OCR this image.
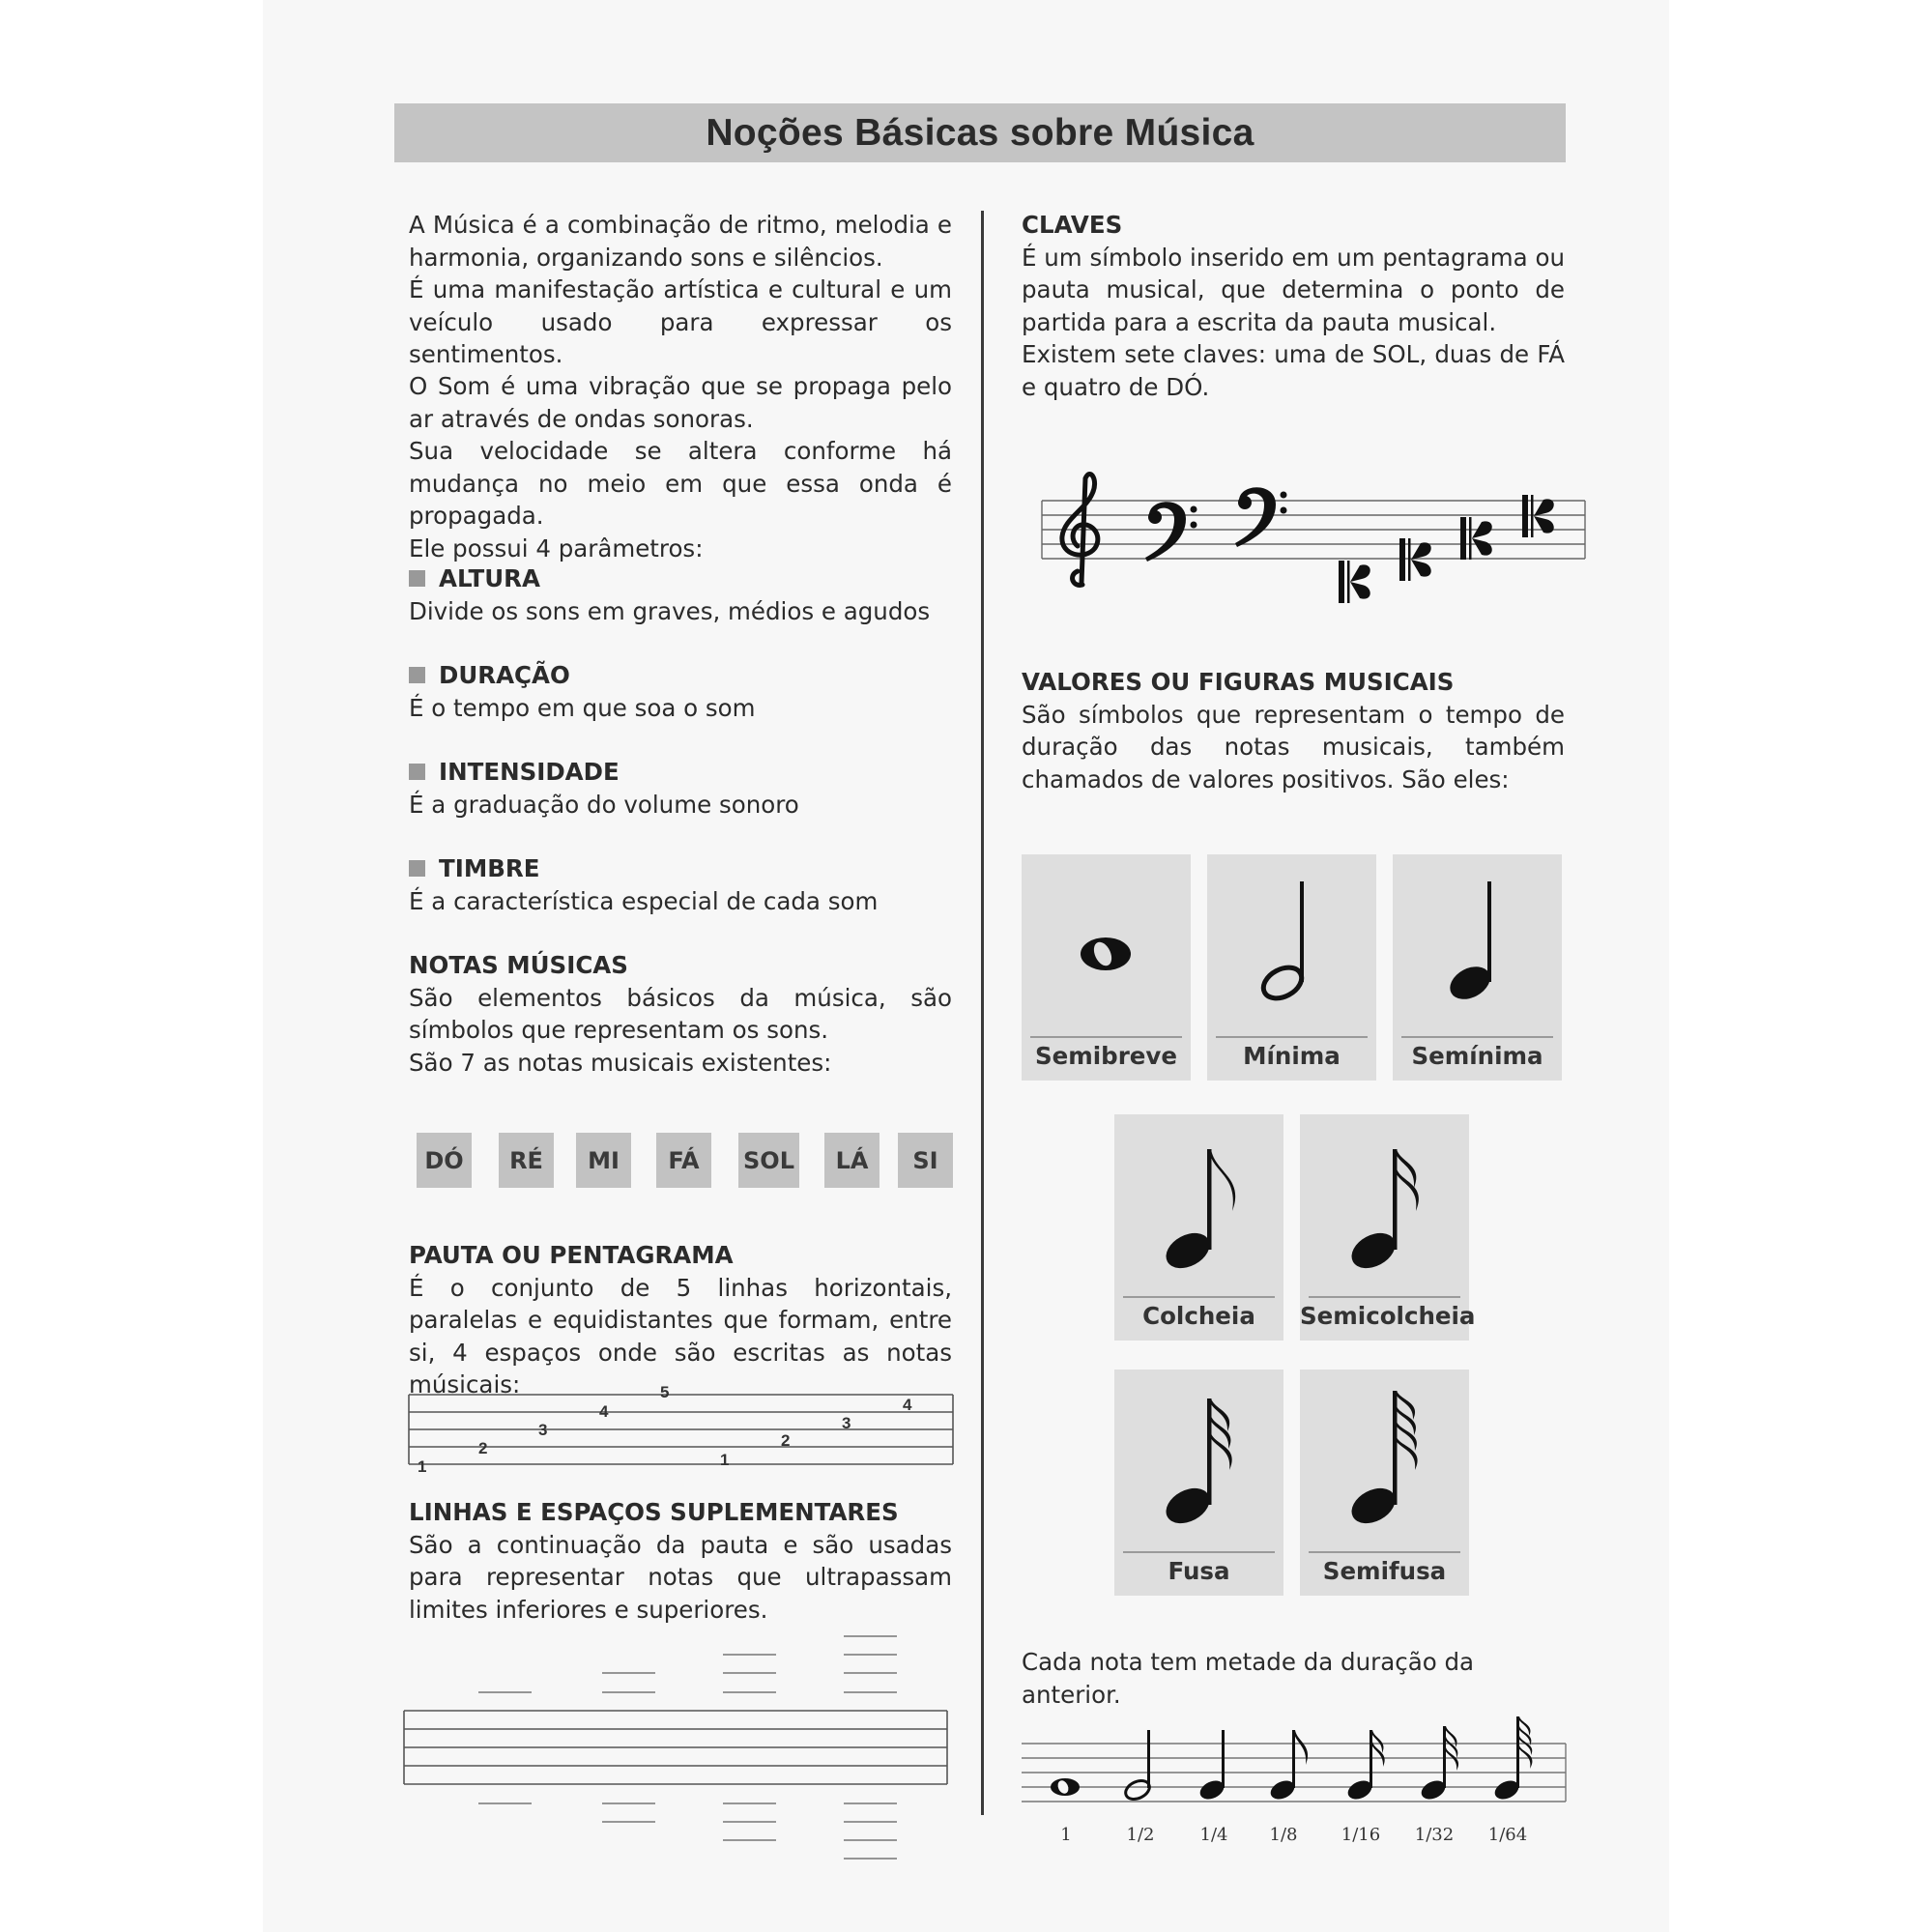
Noções Básicas sobre Música

A Música é a combinação de ritmo, melodia e harmonia, organizando sons e silêncios.

É uma manifestação artística e cultural e um veículo usado para expressar os sentimentos.

O Som é uma vibração que se propaga pelo ar através de ondas sonoras.

Sua velocidade se altera conforme há mudança no meio em que essa onda é propagada.

Ele possui 4 parâmetros:

ALTURA
Divide os sons em graves, médios e agudos
DURAÇÃO
É o tempo em que soa o som
INTENSIDADE
É a graduação do volume sonoro
TIMBRE
É a característica especial de cada som

NOTAS MÚSICAS

São elementos básicos da música, são símbolos que representam os sons.

São 7 as notas musicais existentes:

DÓ	RÉ	MI	FÁ	SOL	LÁ	SI

PAUTA OU PENTAGRAMA

É o conjunto de 5 linhas horizontais, paralelas e equidistantes que formam, entre si, 4 espaços onde são escritas as notas músicais:

1
2
3
4
5
1
2
3
4

LINHAS E ESPAÇOS SUPLEMENTARES

São a continuação da pauta e são usadas para representar notas que ultrapassam limites inferiores e superiores.

CLAVES

É um símbolo inserido em um pentagrama ou pauta musical, que determina o ponto de partida para a escrita da pauta musical.

Existem sete claves: uma de SOL, duas de FÁ e quatro de DÓ.

VALORES OU FIGURAS MUSICAIS

São símbolos que representam o tempo de duração das notas musicais, também chamados de valores positivos. São eles:

Semibreve	Mínima	Semínima
Colcheia	Semicolcheia
Fusa	Semifusa

Cada nota tem metade da duração da anterior.

1	1/2	1/4	1/8	1/16	1/32	1/64
